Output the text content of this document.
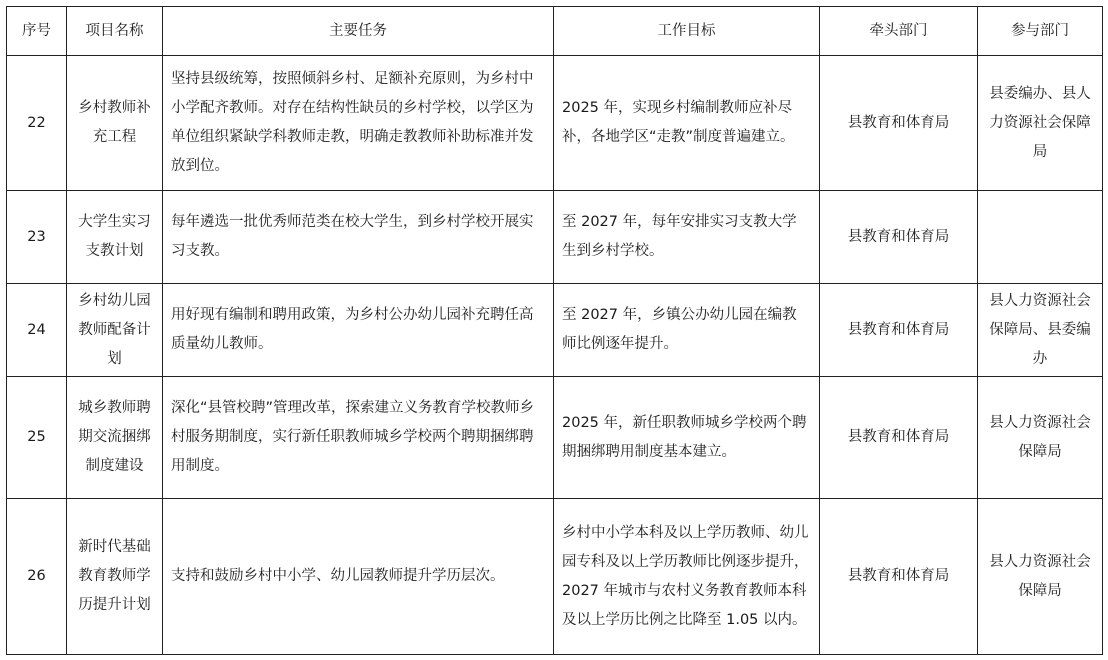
序号	项目名称	主要任务	工作目标	牵头部门	参与部门
22	乡村教师补充工程	坚持县级统筹，按照倾斜乡村、足额补充原则，为乡村中小学配齐教师。对存在结构性缺员的乡村学校，以学区为单位组织紧缺学科教师走教，明确走教教师补助标准并发放到位。	2025 年，实现乡村编制教师应补尽补，各地学区“走教”制度普遍建立。	县教育和体育局	县委编办、县人力资源社会保障局
23	大学生实习支教计划	每年遴选一批优秀师范类在校大学生，到乡村学校开展实习支教。	至 2027 年，每年安排实习支教大学生到乡村学校。	县教育和体育局	
24	乡村幼儿园教师配备计划	用好现有编制和聘用政策，为乡村公办幼儿园补充聘任高质量幼儿教师。	至 2027 年，乡镇公办幼儿园在编教师比例逐年提升。	县教育和体育局	县人力资源社会保障局、县委编办
25	城乡教师聘期交流捆绑制度建设	深化“县管校聘”管理改革，探索建立义务教育学校教师乡村服务期制度，实行新任职教师城乡学校两个聘期捆绑聘用制度。	2025 年，新任职教师城乡学校两个聘期捆绑聘用制度基本建立。	县教育和体育局	县人力资源社会保障局
26	新时代基础教育教师学历提升计划	支持和鼓励乡村中小学、幼儿园教师提升学历层次。	乡村中小学本科及以上学历教师、幼儿园专科及以上学历教师比例逐步提升，2027 年城市与农村义务教育教师本科及以上学历比例之比降至 1.05 以内。	县教育和体育局	县人力资源社会保障局
